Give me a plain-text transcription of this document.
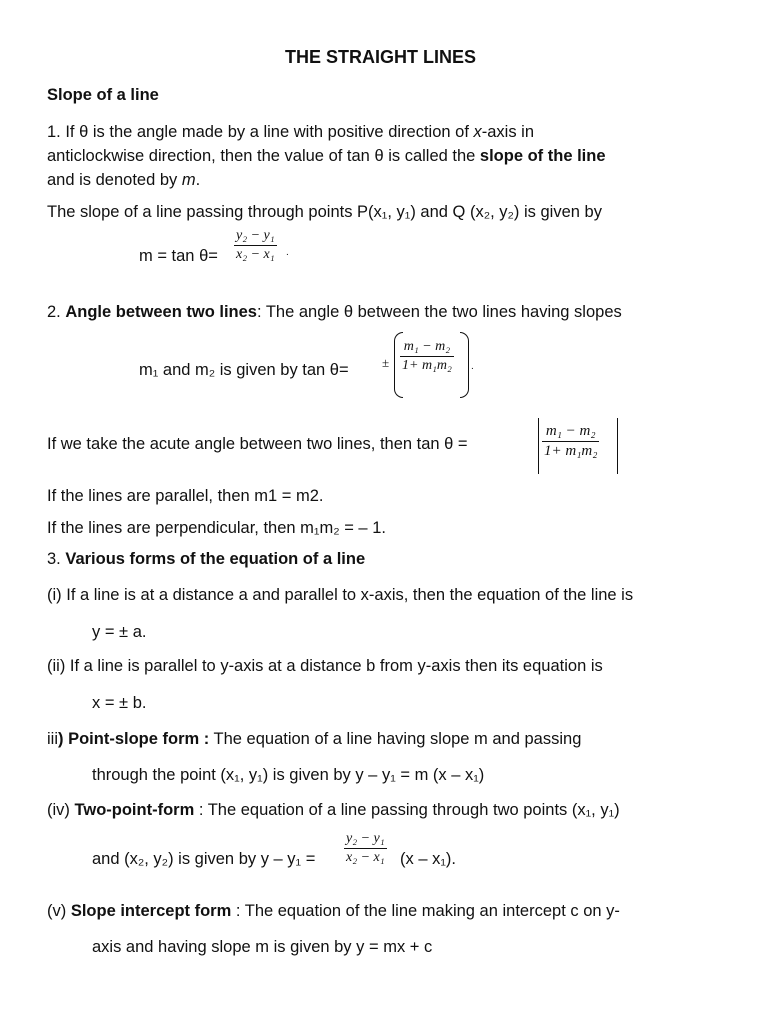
THE STRAIGHT LINES
Slope of a line
1. If θ is the angle made by a line with positive direction of x-axis in
anticlockwise direction, then the value of tan θ is called the slope of the line
and is denoted by m.
The slope of a line passing through points P(x₁, y₁) and Q (x₂, y₂) is given by
$m = \tan \theta= \frac{\text{y₂ − y₁}}{\text{x₂ − x₁}}$ .
2. Angle between two lines: The angle θ between the two lines having slopes
m₁ and m₂ is given by tan θ=	± $\frac{\text{m₁ − m₂}}{\text{1+ m₁m₂}}$ .
If we take the acute angle between two lines, then tan θ =	$\frac{\text{m₁ − m₂}}{\text{1+ m₁m₂}}$
If the lines are parallel, then m1 = m2.
If the lines are perpendicular, then m₁m₂ = – 1.
3. Various forms of the equation of a line
(i) If a line is at a distance a and parallel to x-axis, then the equation of the line is
y = ± a.
(ii) If a line is parallel to y-axis at a distance b from y-axis then its equation is
x = ± b.
iii) Point-slope form : The equation of a line having slope m and passing
through the point (x₁, y₁) is given by y – y₁ = m (x – x₁)
(iv) Two-point-form : The equation of a line passing through two points (x₁, y₁)
and (x₂, y₂) is given by $y - y_1 = \frac{\text{y₂ − y₁}}{\text{x₂ − x₁}} (x - x_1)$.
(v) Slope intercept form : The equation of the line making an intercept c on y-
axis and having slope m is given by y = mx + c
